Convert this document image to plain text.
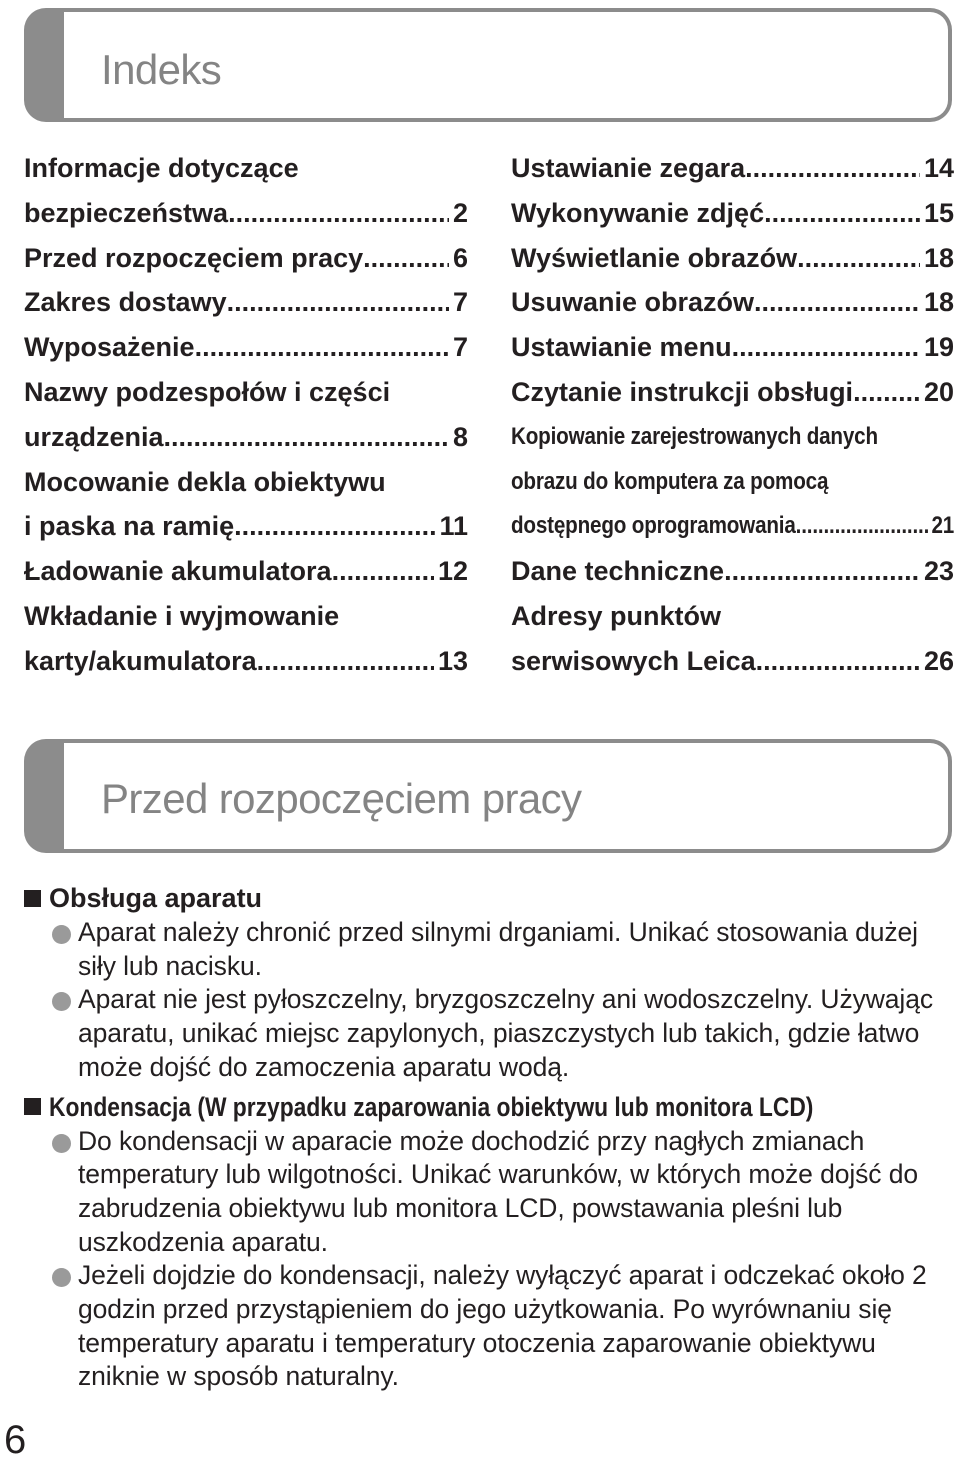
Indeks
Informacje dotyczące
bezpieczeństwa .....	2
Przed rozpoczęciem pracy .....	6
Zakres dostawy .....	7
Wyposażenie .....	7
Nazwy podzespołów i części
urządzenia .....	8
Mocowanie dekla obiektywu
i paska na ramię .....	11
Ładowanie akumulatora .....	12
Wkładanie i wyjmowanie
karty/akumulatora .....	13
Ustawianie zegara .....	14
Wykonywanie zdjęć .....	15
Wyświetlanie obrazów .....	18
Usuwanie obrazów .....	18
Ustawianie menu .....	19
Czytanie instrukcji obsługi .....	20
Kopiowanie zarejestrowanych danych
obrazu do komputera za pomocą
dostępnego oprogramowania .....	21
Dane techniczne .....	23
Adresy punktów
serwisowych Leica .....	26
Przed rozpoczęciem pracy
Obsługa aparatu
Aparat należy chronić przed silnymi drganiami. Unikać stosowania dużej siły lub nacisku.
Aparat nie jest pyłoszczelny, bryzgoszczelny ani wodoszczelny. Używając aparatu, unikać miejsc zapylonych, piaszczystych lub takich, gdzie łatwo może dojść do zamoczenia aparatu wodą.
Kondensacja (W przypadku zaparowania obiektywu lub monitora LCD)
Do kondensacji w aparacie może dochodzić przy nagłych zmianach temperatury lub wilgotności. Unikać warunków, w których może dojść do zabrudzenia obiektywu lub monitora LCD, powstawania pleśni lub uszkodzenia aparatu.
Jeżeli dojdzie do kondensacji, należy wyłączyć aparat i odczekać około 2 godzin przed przystąpieniem do jego użytkowania. Po wyrównaniu się temperatury aparatu i temperatury otoczenia zaparowanie obiektywu zniknie w sposób naturalny.

6
